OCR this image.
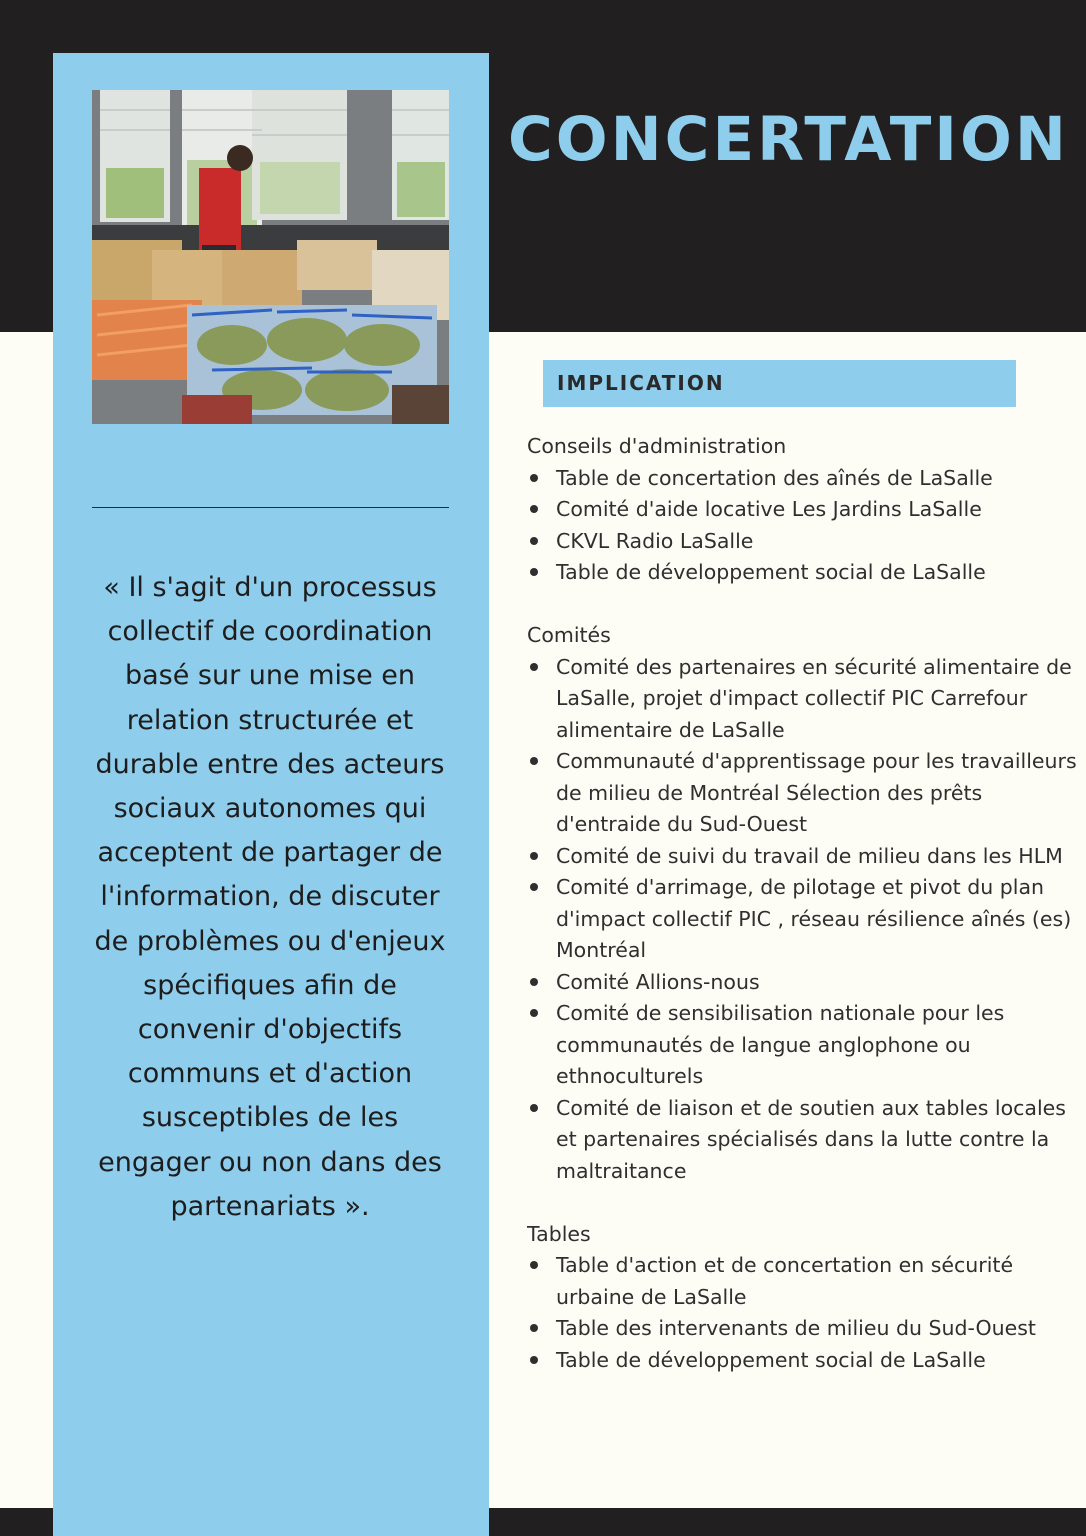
« Il s'agit d'un processus collectif de coordination basé sur une mise en relation structurée et durable entre des acteurs sociaux autonomes qui acceptent de partager de l'information, de discuter de problèmes ou d'enjeux spécifiques afin de convenir d'objectifs communs et d'action susceptibles de les engager ou non dans des partenariats ».
CONCERTATION
IMPLICATION

Conseils d'administration

Table de concertation des aînés de LaSalle
Comité d'aide locative Les Jardins LaSalle
CKVL Radio LaSalle
Table de développement social de LaSalle

Comités

Comité des partenaires en sécurité alimentaire de LaSalle, projet d'impact collectif PIC Carrefour alimentaire de LaSalle
Communauté d'apprentissage pour les travailleurs de milieu de Montréal Sélection des prêts d'entraide du Sud-Ouest
Comité de suivi du travail de milieu dans les HLM
Comité d'arrimage, de pilotage et pivot du plan d'impact collectif PIC , réseau résilience aînés (es) Montréal
Comité Allions-nous
Comité de sensibilisation nationale pour les communautés de langue anglophone ou ethnoculturels
Comité de liaison et de soutien aux tables locales et partenaires spécialisés dans la lutte contre la maltraitance

Tables

Table d'action et de concertation en sécurité urbaine de LaSalle
Table des intervenants de milieu du Sud-Ouest
Table de développement social de LaSalle
